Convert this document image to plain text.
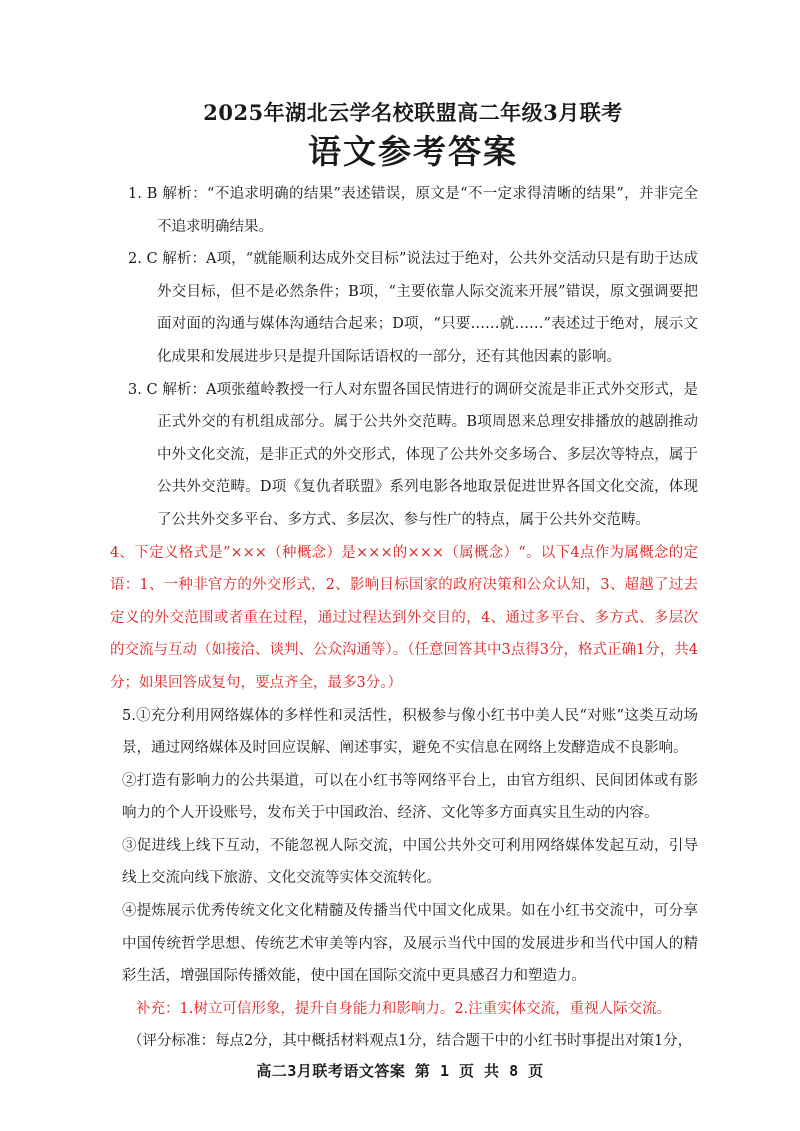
2025年湖北云学名校联盟高二年级3月联考
语文参考答案

1. B 解析：“不追求明确的结果”表述错误，原文是“不一定求得清晰的结果”，并非完全不追求明确结果。

2. C 解析：A项，“就能顺利达成外交目标”说法过于绝对，公共外交活动只是有助于达成外交目标，但不是必然条件；B项，“主要依靠人际交流来开展”错误，原文强调要把面对面的沟通与媒体沟通结合起来；D项，“只要……就……”表述过于绝对，展示文化成果和发展进步只是提升国际话语权的一部分，还有其他因素的影响。

3. C 解析：A项张蕴岭教授一行人对东盟各国民情进行的调研交流是非正式外交形式，是正式外交的有机组成部分。属于公共外交范畴。B项周恩来总理安排播放的越剧推动中外文化交流，是非正式的外交形式，体现了公共外交多场合、多层次等特点，属于公共外交范畴。D项《复仇者联盟》系列电影各地取景促进世界各国文化交流，体现了公共外交多平台、多方式、多层次、参与性广的特点，属于公共外交范畴。

4、下定义格式是”×××（种概念）是×××的×××（属概念）“。以下4点作为属概念的定语：1、一种非官方的外交形式，2、影响目标国家的政府决策和公众认知，3、超越了过去定义的外交范围或者重在过程，通过过程达到外交目的，4、通过多平台、多方式、多层次的交流与互动（如接洽、谈判、公众沟通等）。（任意回答其中3点得3分，格式正确1分，共4分；如果回答成复句，要点齐全，最多3分。）

5.①充分利用网络媒体的多样性和灵活性，积极参与像小红书中美人民“对账”这类互动场景，通过网络媒体及时回应误解、阐述事实，避免不实信息在网络上发酵造成不良影响。

②打造有影响力的公共渠道，可以在小红书等网络平台上，由官方组织、民间团体或有影响力的个人开设账号，发布关于中国政治、经济、文化等多方面真实且生动的内容。

③促进线上线下互动，不能忽视人际交流，中国公共外交可利用网络媒体发起互动，引导线上交流向线下旅游、文化交流等实体交流转化。

④提炼展示优秀传统文化文化精髓及传播当代中国文化成果。如在小红书交流中，可分享中国传统哲学思想、传统艺术审美等内容，及展示当代中国的发展进步和当代中国人的精彩生活，增强国际传播效能，使中国在国际交流中更具感召力和塑造力。

补充：1.树立可信形象，提升自身能力和影响力。2.注重实体交流，重视人际交流。

（评分标准：每点2分，其中概括材料观点1分，结合题干中的小红书时事提出对策1分，

高二3月联考语文答案 第 1 页 共 8 页
